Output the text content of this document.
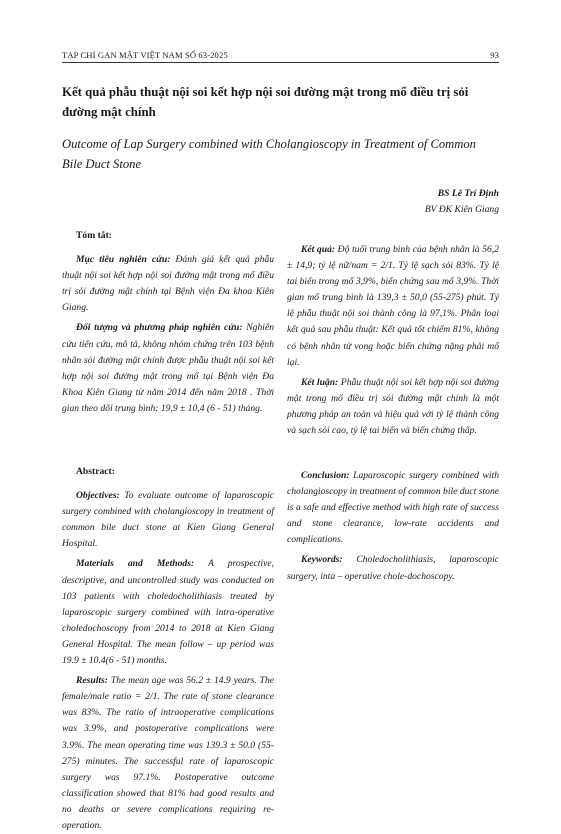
TẠP CHÍ GAN MẬT VIỆT NAM SỐ 63-2025	93
Kết quả phẫu thuật nội soi kết hợp nội soi đường mật trong mổ điều trị sỏi đường mật chính
Outcome of Lap Surgery combined with Cholangioscopy in Treatment of Common Bile Duct Stone
BS Lê Trí Định
BV ĐK Kiên Giang

Tóm tắt:

Mục tiêu nghiên cứu: Đánh giá kết quả phẫu thuật nội soi kết hợp nội soi đường mật trong mổ điều trị sỏi đường mật chính tại Bệnh viện Đa khoa Kiên Giang.

Đối tượng và phương pháp nghiên cứu: Nghiên cứu tiến cứu, mô tả, không nhóm chứng trên 103 bệnh nhân sỏi đường mật chính được phẫu thuật nội soi kết hợp nội soi đường mật trong mổ tại Bệnh viện Đa Khoa Kiên Giang từ năm 2014 đến năm 2018 . Thời gian theo dõi trung bình: 19,9 ± 10,4 (6 - 51) tháng.

Kết quả: Độ tuổi trung bình của bệnh nhân là 56,2 ± 14,9; tỷ lệ nữ/nam = 2/1. Tỷ lệ sạch sỏi 83%. Tỷ lệ tai biến trong mổ 3,9%, biến chứng sau mổ 3,9%. Thời gian mổ trung bình là 139,3 ± 50,0 (55-275) phút. Tỷ lệ phẫu thuật nội soi thành công là 97,1%. Phân loại kết quả sau phẫu thuật: Kết quả tốt chiếm 81%, không có bệnh nhân tử vong hoặc biến chứng nặng phải mổ lại.

Kết luận: Phẫu thuật nội soi kết hợp nội soi đường mật trong mổ điều trị sỏi đường mật chính là một phương pháp an toàn và hiệu quả với tỷ lệ thành công và sạch sỏi cao, tỷ lệ tai biến và biến chứng thấp.

Abstract:

Objectives: To evaluate outcome of laparoscopic surgery combined with cholangioscopy in treatment of common bile duct stone at Kien Giang General Hospital.

Materials and Methods: A prospective, descriptive, and uncontrolled study was conducted on 103 patients with choledocholithiasis treated by laparoscopic surgery combined with intra-operative choledochoscopy from 2014 to 2018 at Kien Giang General Hospital. The mean follow – up period was 19.9 ± 10.4(6 - 51) months.

Results: The mean age was 56.2 ± 14.9 years. The female/male ratio = 2/1. The rate of stone clearance was 83%. The ratio of intraoperative complications was 3.9%, and postoperative complications were 3.9%. The mean operating time was 139.3 ± 50.0 (55-275) minutes. The successful rate of laparoscopic surgery was 97.1%. Postoperative outcome classification showed that 81% had good results and no deaths or severe complications requiring re-operation.

Conclusion: Laparoscopic surgery combined with cholangioscopy in treatment of common bile duct stone is a safe and effective method with high rate of success and stone clearance, low-rate accidents and complications.

Keywords: Choledocholithiasis, laparoscopic surgery, inta – operative chole-dochoscopy.
